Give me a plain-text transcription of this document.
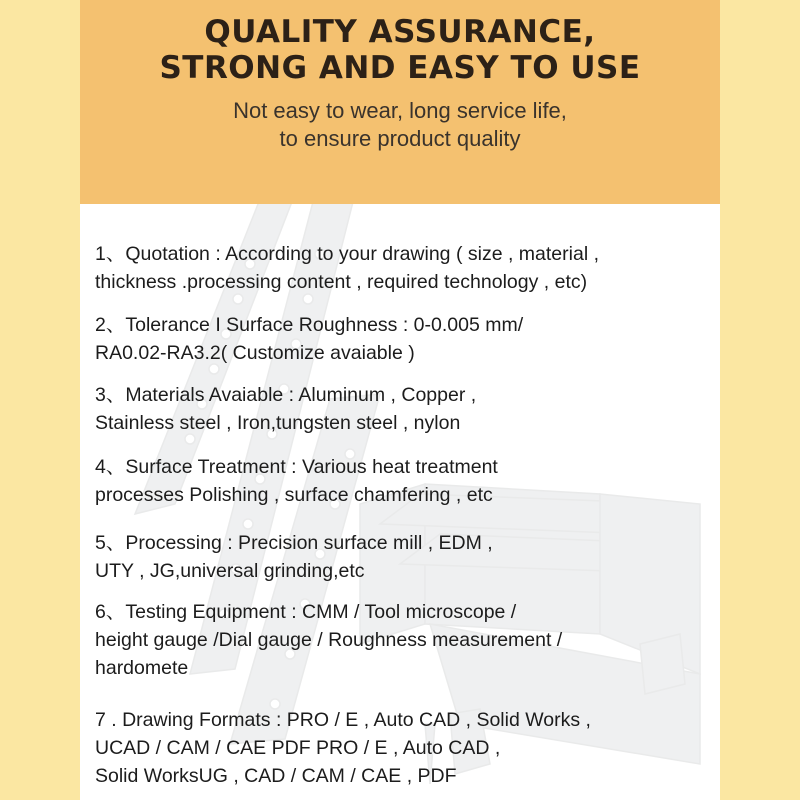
QUALITY ASSURANCE,
STRONG AND EASY TO USE
Not easy to wear, long service life,
to ensure product quality
1、Quotation : According to your drawing ( size , material ,
thickness .processing content , required technology , etc)
2、Tolerance I Surface Roughness : 0-0.005 mm/
RA0.02-RA3.2( Customize avaiable )
3、Materials Avaiable : Aluminum , Copper ,
Stainless steel , Iron,tungsten steel , nylon
4、Surface Treatment : Various heat treatment
processes Polishing , surface chamfering , etc
5、Processing : Precision surface mill , EDM ,
UTY , JG,universal grinding,etc
6、Testing Equipment : CMM / Tool microscope /
height gauge /Dial gauge / Roughness measurement /
hardomete
7 . Drawing Formats : PRO / E , Auto CAD , Solid Works ,
UCAD / CAM / CAE PDF PRO / E , Auto CAD ,
Solid WorksUG , CAD / CAM / CAE , PDF
